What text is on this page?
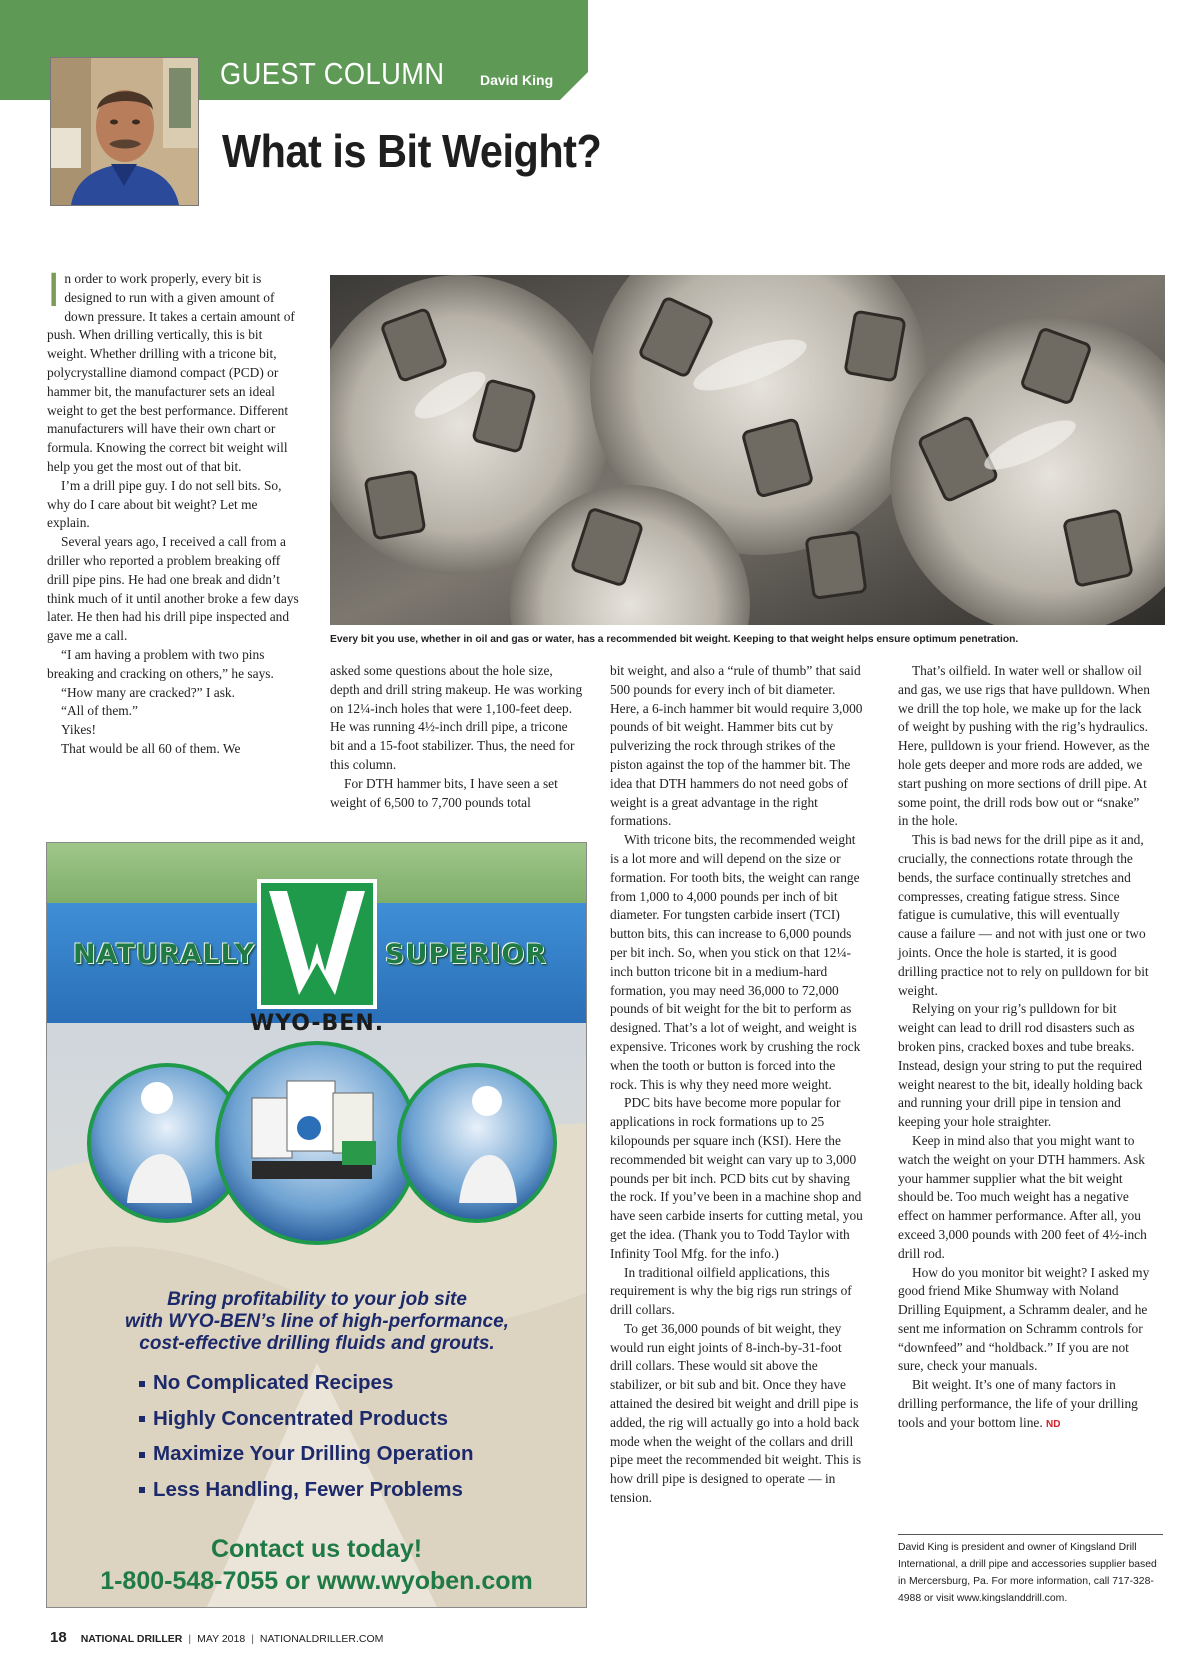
GUEST COLUMN	David King
What is Bit Weight?

In order to work properly, every bit is designed to run with a given amount of down pressure. It takes a certain amount of push. When drilling vertically, this is bit weight. Whether drilling with a tricone bit, polycrystalline diamond compact (PCD) or hammer bit, the manufacturer sets an ideal weight to get the best performance. Different manufacturers will have their own chart or formula. Knowing the correct bit weight will help you get the most out of that bit.

I’m a drill pipe guy. I do not sell bits. So, why do I care about bit weight? Let me explain.

Several years ago, I received a call from a driller who reported a problem breaking off drill pipe pins. He had one break and didn’t think much of it until another broke a few days later. He then had his drill pipe inspected and gave me a call.

“I am having a problem with two pins breaking and cracking on others,” he says.

“How many are cracked?” I ask.

“All of them.”

Yikes!

That would be all 60 of them. We

Every bit you use, whether in oil and gas or water, has a recommended bit weight. Keeping to that weight helps ensure optimum penetration.

asked some questions about the hole size, depth and drill string makeup. He was working on 12¼-inch holes that were 1,100-feet deep. He was running 4½-inch drill pipe, a tricone bit and a 15-foot stabilizer. Thus, the need for this column.

For DTH hammer bits, I have seen a set weight of 6,500 to 7,700 pounds total

bit weight, and also a “rule of thumb” that said 500 pounds for every inch of bit diameter. Here, a 6-inch hammer bit would require 3,000 pounds of bit weight. Hammer bits cut by pulverizing the rock through strikes of the piston against the top of the hammer bit. The idea that DTH hammers do not need gobs of weight is a great advantage in the right formations.

With tricone bits, the recommended weight is a lot more and will depend on the size or formation. For tooth bits, the weight can range from 1,000 to 4,000 pounds per inch of bit diameter. For tungsten carbide insert (TCI) button bits, this can increase to 6,000 pounds per bit inch. So, when you stick on that 12¼-inch button tricone bit in a medium-hard formation, you may need 36,000 to 72,000 pounds of bit weight for the bit to perform as designed. That’s a lot of weight, and weight is expensive. Tricones work by crushing the rock when the tooth or button is forced into the rock. This is why they need more weight.

PDC bits have become more popular for applications in rock formations up to 25 kilopounds per square inch (KSI). Here the recommended bit weight can vary up to 3,000 pounds per bit inch. PCD bits cut by shaving the rock. If you’ve been in a machine shop and have seen carbide inserts for cutting metal, you get the idea. (Thank you to Todd Taylor with Infinity Tool Mfg. for the info.)

In traditional oilfield applications, this requirement is why the big rigs run strings of drill collars.

To get 36,000 pounds of bit weight, they would run eight joints of 8-inch-by-31-foot drill collars. These would sit above the stabilizer, or bit sub and bit. Once they have attained the desired bit weight and drill pipe is added, the rig will actually go into a hold back mode when the weight of the collars and drill pipe meet the recommended bit weight. This is how drill pipe is designed to operate — in tension.

That’s oilfield. In water well or shallow oil and gas, we use rigs that have pulldown. When we drill the top hole, we make up for the lack of weight by pushing with the rig’s hydraulics. Here, pulldown is your friend. However, as the hole gets deeper and more rods are added, we start pushing on more sections of drill pipe. At some point, the drill rods bow out or “snake” in the hole.

This is bad news for the drill pipe as it and, crucially, the connections rotate through the bends, the surface continually stretches and compresses, creating fatigue stress. Since fatigue is cumulative, this will eventually cause a failure — and not with just one or two joints. Once the hole is started, it is good drilling practice not to rely on pulldown for bit weight.

Relying on your rig’s pulldown for bit weight can lead to drill rod disasters such as broken pins, cracked boxes and tube breaks. Instead, design your string to put the required weight nearest to the bit, ideally holding back and running your drill pipe in tension and keeping your hole straighter.

Keep in mind also that you might want to watch the weight on your DTH hammers. Ask your hammer supplier what the bit weight should be. Too much weight has a negative effect on hammer performance. After all, you exceed 3,000 pounds with 200 feet of 4½-inch drill rod.

How do you monitor bit weight? I asked my good friend Mike Shumway with Noland Drilling Equipment, a Schramm dealer, and he sent me information on Schramm controls for “downfeed” and “holdback.” If you are not sure, check your manuals.

Bit weight. It’s one of many factors in drilling performance, the life of your drilling tools and your bottom line. ND

David King is president and owner of Kingsland Drill International, a drill pipe and accessories supplier based in Mercersburg, Pa. For more information, call 717-328-4988 or visit www.kingslanddrill.com.

NATURALLY	SUPERIOR
WYO-BEN.
Bring profitability to your job site
with WYO-BEN’s line of high-performance,
cost-effective drilling fluids and grouts.
No Complicated Recipes
Highly Concentrated Products
Maximize Your Drilling Operation
Less Handling, Fewer Problems
Contact us today!
1-800-548-7055 or www.wyoben.com
18 NATIONAL DRILLER | MAY 2018 | NATIONALDRILLER.COM
